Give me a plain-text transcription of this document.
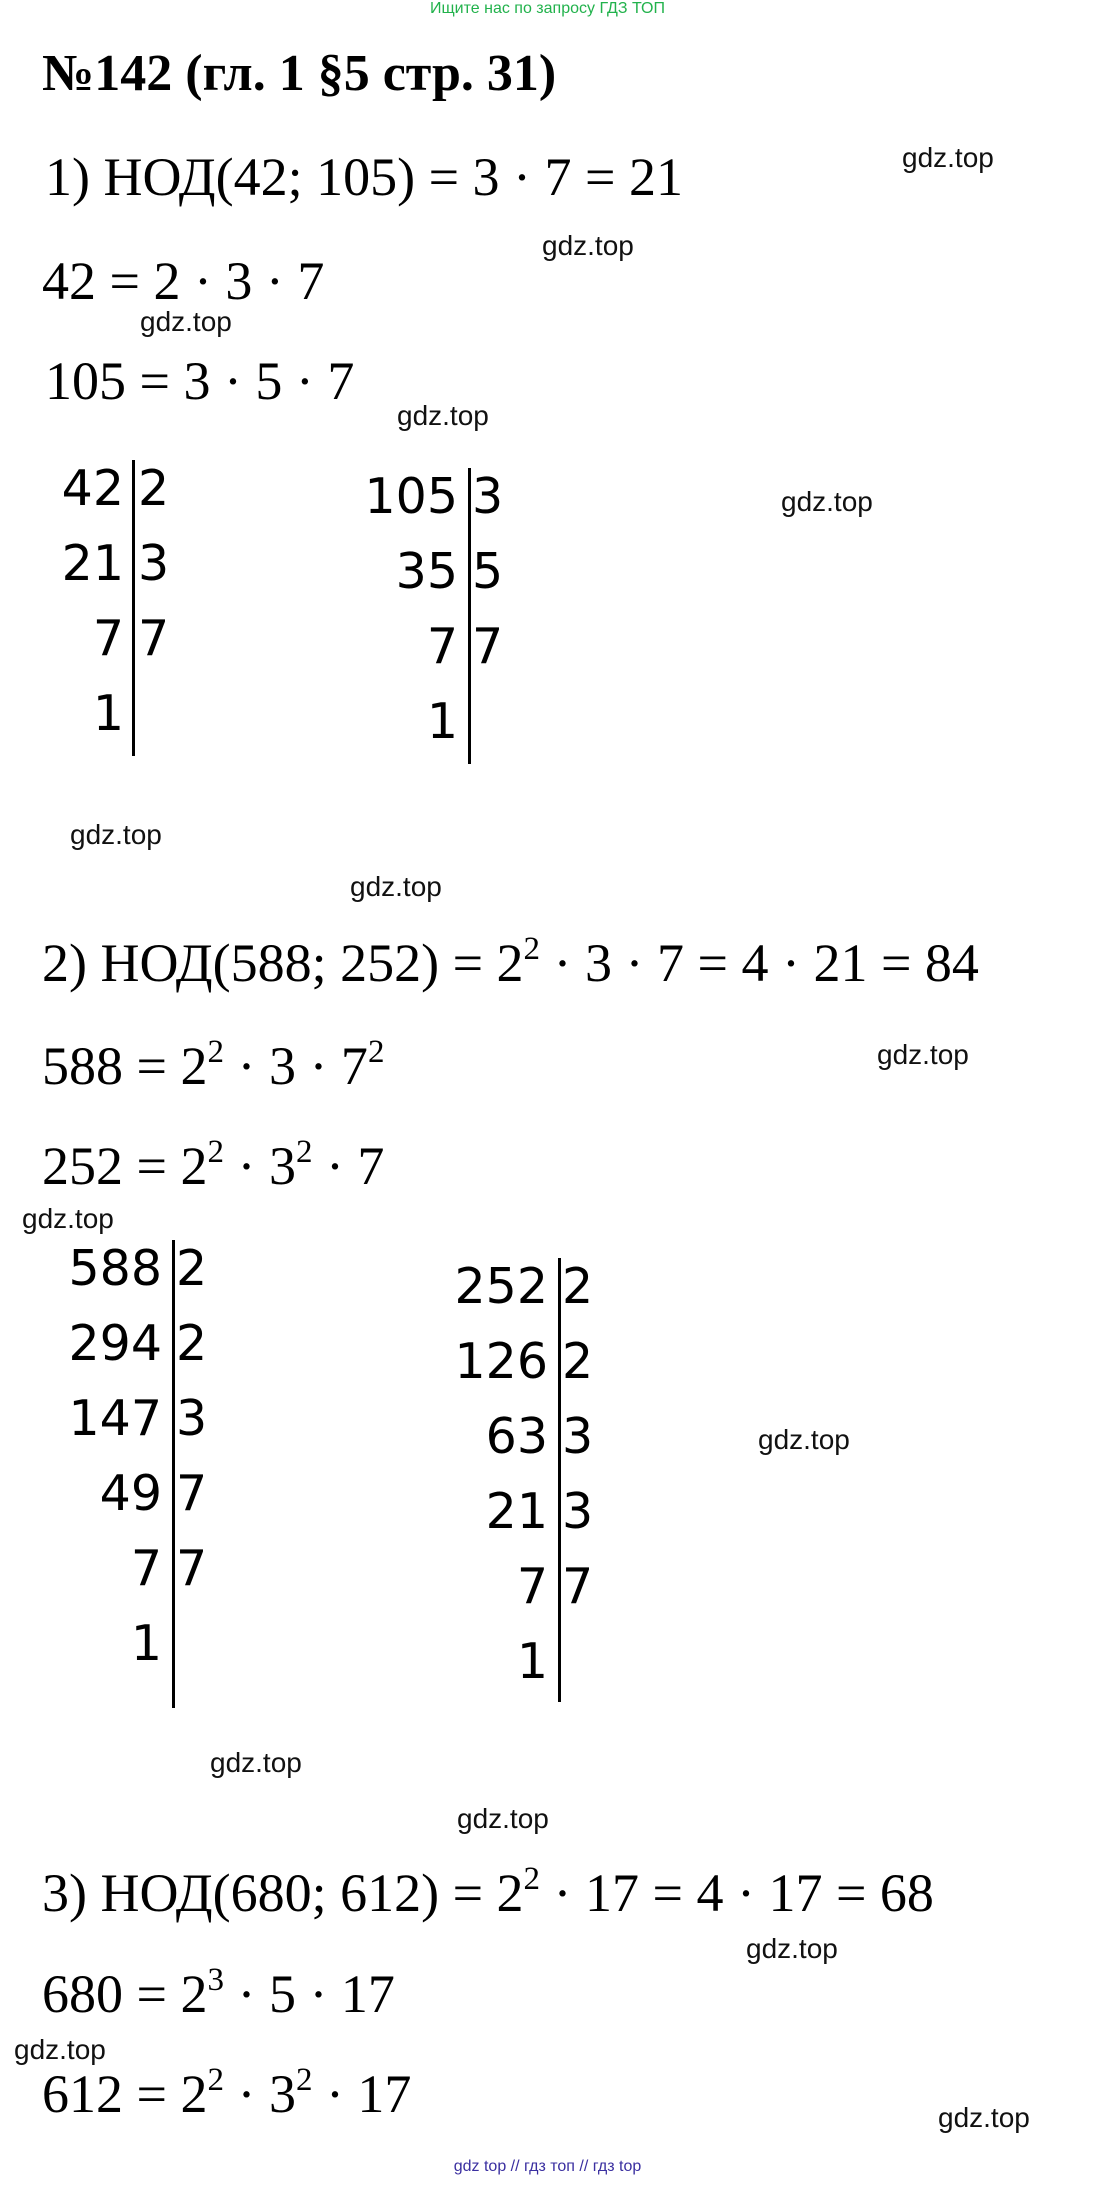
Ищите нас по запросу ГДЗ ТОП
№142 (гл. 1 §5 стр. 31)
1) НОД(42; 105) = 3 · 7 = 21
42 = 2 · 3 · 7
105 = 3 · 5 · 7
42 2
21 3
7 7
1
105 3
35 5
7 7
1
2) НОД(588; $252) = 2^2 \cdot 3 \cdot 7 = 4 \cdot 21 = 84$
$588 = 2^2 \cdot 3 \cdot 7^2$
$252 = 2^2 \cdot 3^2 \cdot 7$
588 2
294 2
147 3
49 7
7 7
1
252 2
126 2
63 3
21 3
7 7
1
3) НОД(680; $612) = 2^2 \cdot 17 = 4 \cdot 17 = 68$
$680 = 2^3 \cdot 5 \cdot 17$
$612 = 2^2 \cdot 3^2 \cdot 17$
gdz.top
gdz.top
gdz.top
gdz.top
gdz.top
gdz.top
gdz.top
gdz.top
gdz.top
gdz.top
gdz.top
gdz.top
gdz.top
gdz.top
gdz.top
gdz top // гдз топ // гдз top
